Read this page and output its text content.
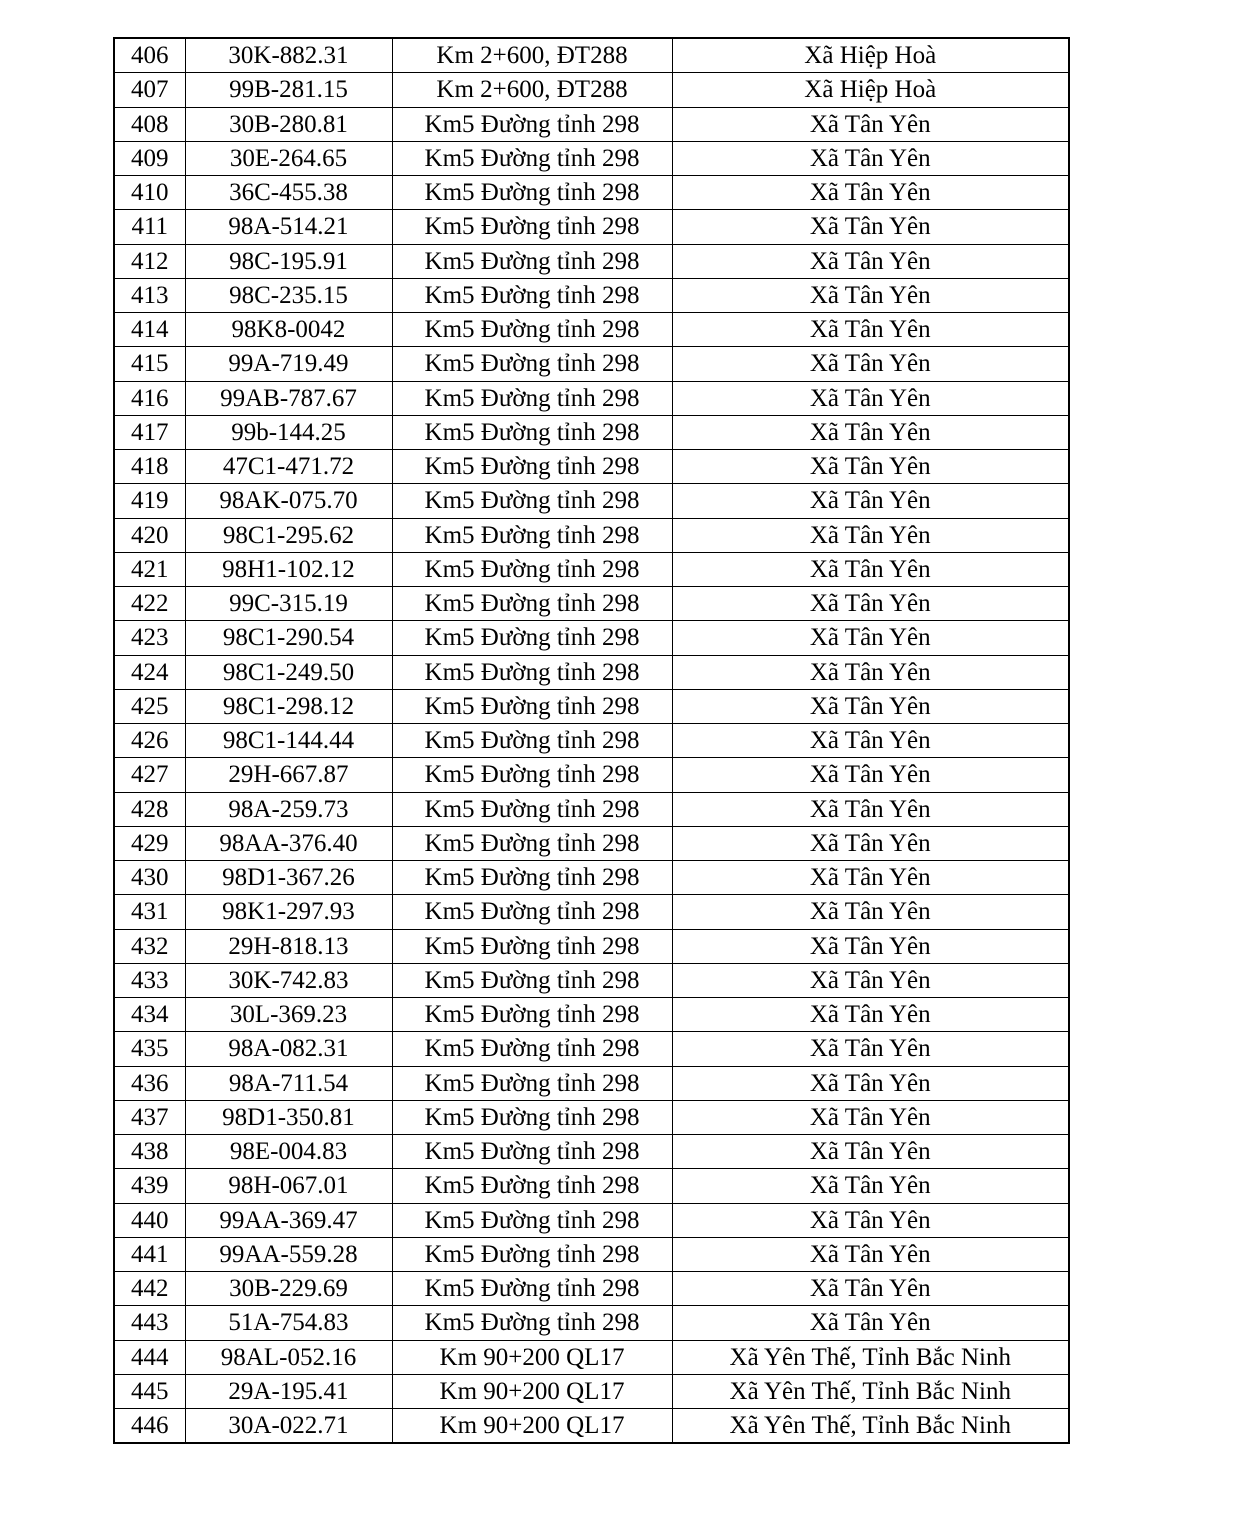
406	30K-882.31	Km 2+600, ĐT288	Xã Hiệp Hoà
407	99B-281.15	Km 2+600, ĐT288	Xã Hiệp Hoà
408	30B-280.81	Km5 Đường tỉnh 298	Xã Tân Yên
409	30E-264.65	Km5 Đường tỉnh 298	Xã Tân Yên
410	36C-455.38	Km5 Đường tỉnh 298	Xã Tân Yên
411	98A-514.21	Km5 Đường tỉnh 298	Xã Tân Yên
412	98C-195.91	Km5 Đường tỉnh 298	Xã Tân Yên
413	98C-235.15	Km5 Đường tỉnh 298	Xã Tân Yên
414	98K8-0042	Km5 Đường tỉnh 298	Xã Tân Yên
415	99A-719.49	Km5 Đường tỉnh 298	Xã Tân Yên
416	99AB-787.67	Km5 Đường tỉnh 298	Xã Tân Yên
417	99b-144.25	Km5 Đường tỉnh 298	Xã Tân Yên
418	47C1-471.72	Km5 Đường tỉnh 298	Xã Tân Yên
419	98AK-075.70	Km5 Đường tỉnh 298	Xã Tân Yên
420	98C1-295.62	Km5 Đường tỉnh 298	Xã Tân Yên
421	98H1-102.12	Km5 Đường tỉnh 298	Xã Tân Yên
422	99C-315.19	Km5 Đường tỉnh 298	Xã Tân Yên
423	98C1-290.54	Km5 Đường tỉnh 298	Xã Tân Yên
424	98C1-249.50	Km5 Đường tỉnh 298	Xã Tân Yên
425	98C1-298.12	Km5 Đường tỉnh 298	Xã Tân Yên
426	98C1-144.44	Km5 Đường tỉnh 298	Xã Tân Yên
427	29H-667.87	Km5 Đường tỉnh 298	Xã Tân Yên
428	98A-259.73	Km5 Đường tỉnh 298	Xã Tân Yên
429	98AA-376.40	Km5 Đường tỉnh 298	Xã Tân Yên
430	98D1-367.26	Km5 Đường tỉnh 298	Xã Tân Yên
431	98K1-297.93	Km5 Đường tỉnh 298	Xã Tân Yên
432	29H-818.13	Km5 Đường tỉnh 298	Xã Tân Yên
433	30K-742.83	Km5 Đường tỉnh 298	Xã Tân Yên
434	30L-369.23	Km5 Đường tỉnh 298	Xã Tân Yên
435	98A-082.31	Km5 Đường tỉnh 298	Xã Tân Yên
436	98A-711.54	Km5 Đường tỉnh 298	Xã Tân Yên
437	98D1-350.81	Km5 Đường tỉnh 298	Xã Tân Yên
438	98E-004.83	Km5 Đường tỉnh 298	Xã Tân Yên
439	98H-067.01	Km5 Đường tỉnh 298	Xã Tân Yên
440	99AA-369.47	Km5 Đường tỉnh 298	Xã Tân Yên
441	99AA-559.28	Km5 Đường tỉnh 298	Xã Tân Yên
442	30B-229.69	Km5 Đường tỉnh 298	Xã Tân Yên
443	51A-754.83	Km5 Đường tỉnh 298	Xã Tân Yên
444	98AL-052.16	Km 90+200 QL17	Xã Yên Thế, Tỉnh Bắc Ninh
445	29A-195.41	Km 90+200 QL17	Xã Yên Thế, Tỉnh Bắc Ninh
446	30A-022.71	Km 90+200 QL17	Xã Yên Thế, Tỉnh Bắc Ninh
